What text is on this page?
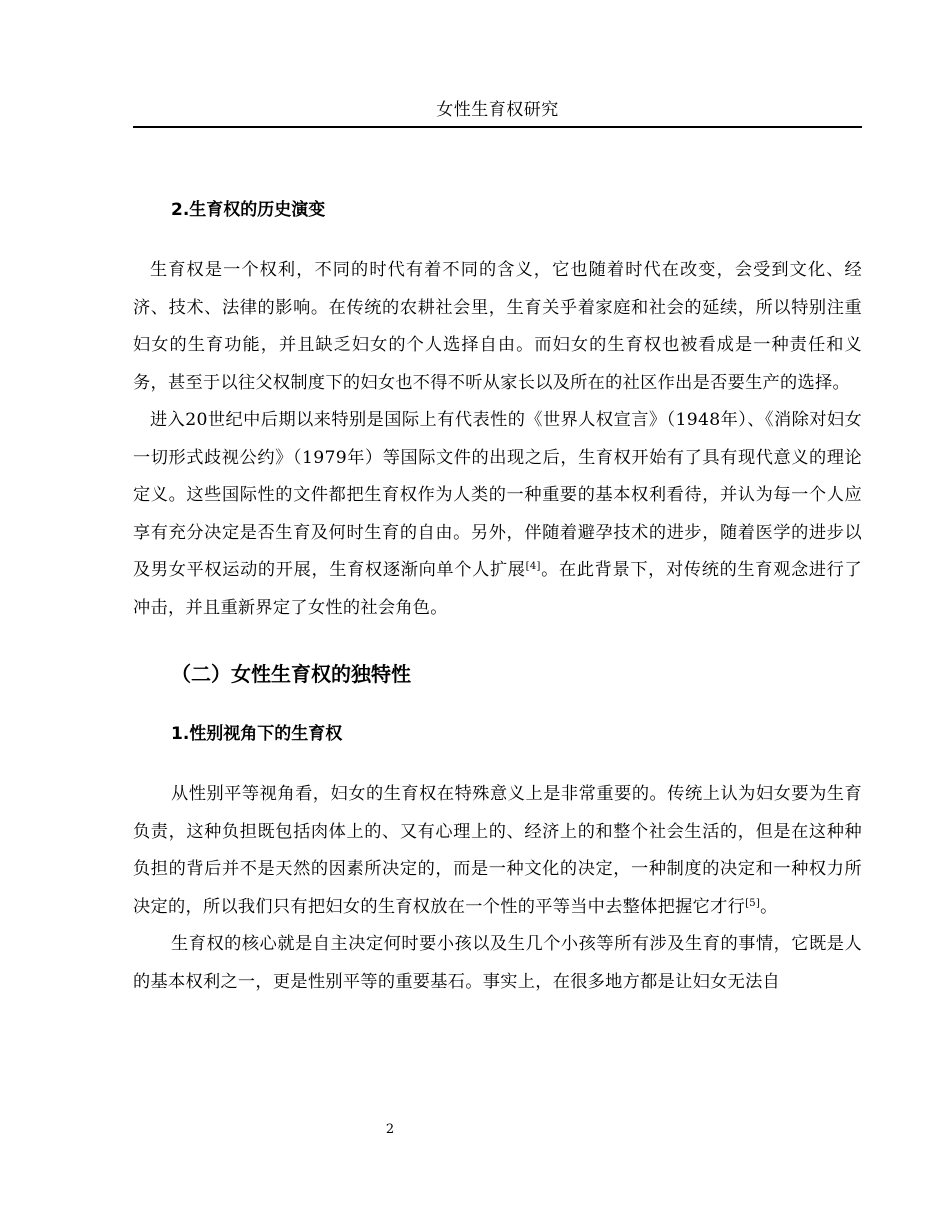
女性生育权研究
2.生育权的历史演变

生育权是一个权利，不同的时代有着不同的含义，它也随着时代在改变，会受到文化、经济、技术、法律的影响。在传统的农耕社会里，生育关乎着家庭和社会的延续，所以特别注重妇女的生育功能，并且缺乏妇女的个人选择自由。而妇女的生育权也被看成是一种责任和义务，甚至于以往父权制度下的妇女也不得不听从家长以及所在的社区作出是否要生产的选择。

进入20世纪中后期以来特别是国际上有代表性的《世界人权宣言》（1948年）、《消除对妇女一切形式歧视公约》（1979年）等国际文件的出现之后，生育权开始有了具有现代意义的理论定义。这些国际性的文件都把生育权作为人类的一种重要的基本权利看待，并认为每一个人应享有充分决定是否生育及何时生育的自由。另外，伴随着避孕技术的进步，随着医学的进步以及男女平权运动的开展，生育权逐渐向单个人扩展[4]。在此背景下，对传统的生育观念进行了冲击，并且重新界定了女性的社会角色。

（二）女性生育权的独特性
1.性别视角下的生育权

从性别平等视角看，妇女的生育权在特殊意义上是非常重要的。传统上认为妇女要为生育负责，这种负担既包括肉体上的、又有心理上的、经济上的和整个社会生活的，但是在这种种负担的背后并不是天然的因素所决定的，而是一种文化的决定，一种制度的决定和一种权力所决定的，所以我们只有把妇女的生育权放在一个性的平等当中去整体把握它才行[5]。

生育权的核心就是自主决定何时要小孩以及生几个小孩等所有涉及生育的事情，它既是人的基本权利之一，更是性别平等的重要基石。事实上，在很多地方都是让妇女无法自

2
